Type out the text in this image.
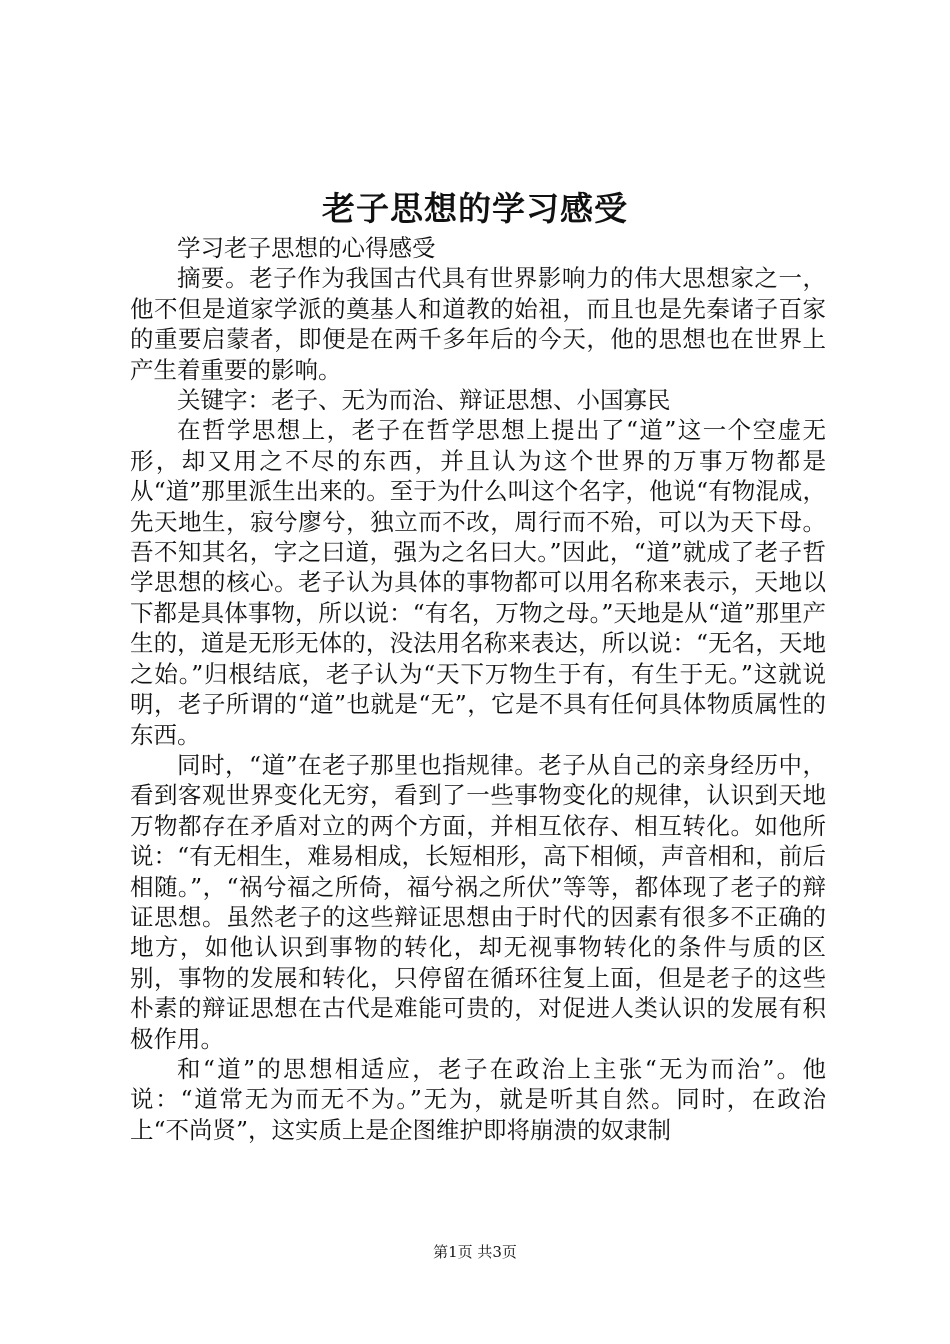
老子思想的学习感受

学习老子思想的心得感受

摘要。老子作为我国古代具有世界影响力的伟大思想家之一，他不但是道家学派的奠基人和道教的始祖，而且也是先秦诸子百家的重要启蒙者，即便是在两千多年后的今天，他的思想也在世界上产生着重要的影响。

关键字：老子、无为而治、辩证思想、小国寡民

在哲学思想上，老子在哲学思想上提出了“道”这一个空虚无形，却又用之不尽的东西，并且认为这个世界的万事万物都是从“道”那里派生出来的。至于为什么叫这个名字，他说“有物混成，先天地生，寂兮廖兮，独立而不改，周行而不殆，可以为天下母。吾不知其名，字之曰道，强为之名曰大。”因此，“道”就成了老子哲学思想的核心。老子认为具体的事物都可以用名称来表示，天地以下都是具体事物，所以说：“有名，万物之母。”天地是从“道”那里产生的，道是无形无体的，没法用名称来表达，所以说：“无名，天地之始。”归根结底，老子认为“天下万物生于有，有生于无。”这就说明，老子所谓的“道”也就是“无”，它是不具有任何具体物质属性的东西。

同时，“道”在老子那里也指规律。老子从自己的亲身经历中，看到客观世界变化无穷，看到了一些事物变化的规律，认识到天地万物都存在矛盾对立的两个方面，并相互依存、相互转化。如他所说：“有无相生，难易相成，长短相形，高下相倾，声音相和，前后相随。”，“祸兮福之所倚，福兮祸之所伏”等等，都体现了老子的辩证思想。虽然老子的这些辩证思想由于时代的因素有很多不正确的地方，如他认识到事物的转化，却无视事物转化的条件与质的区别，事物的发展和转化，只停留在循环往复上面，但是老子的这些朴素的辩证思想在古代是难能可贵的，对促进人类认识的发展有积极作用。

和“道”的思想相适应，老子在政治上主张“无为而治”。他说：“道常无为而无不为。”无为，就是听其自然。同时，在政治上“不尚贤”，这实质上是企图维护即将崩溃的奴隶制

第1页 共3页
